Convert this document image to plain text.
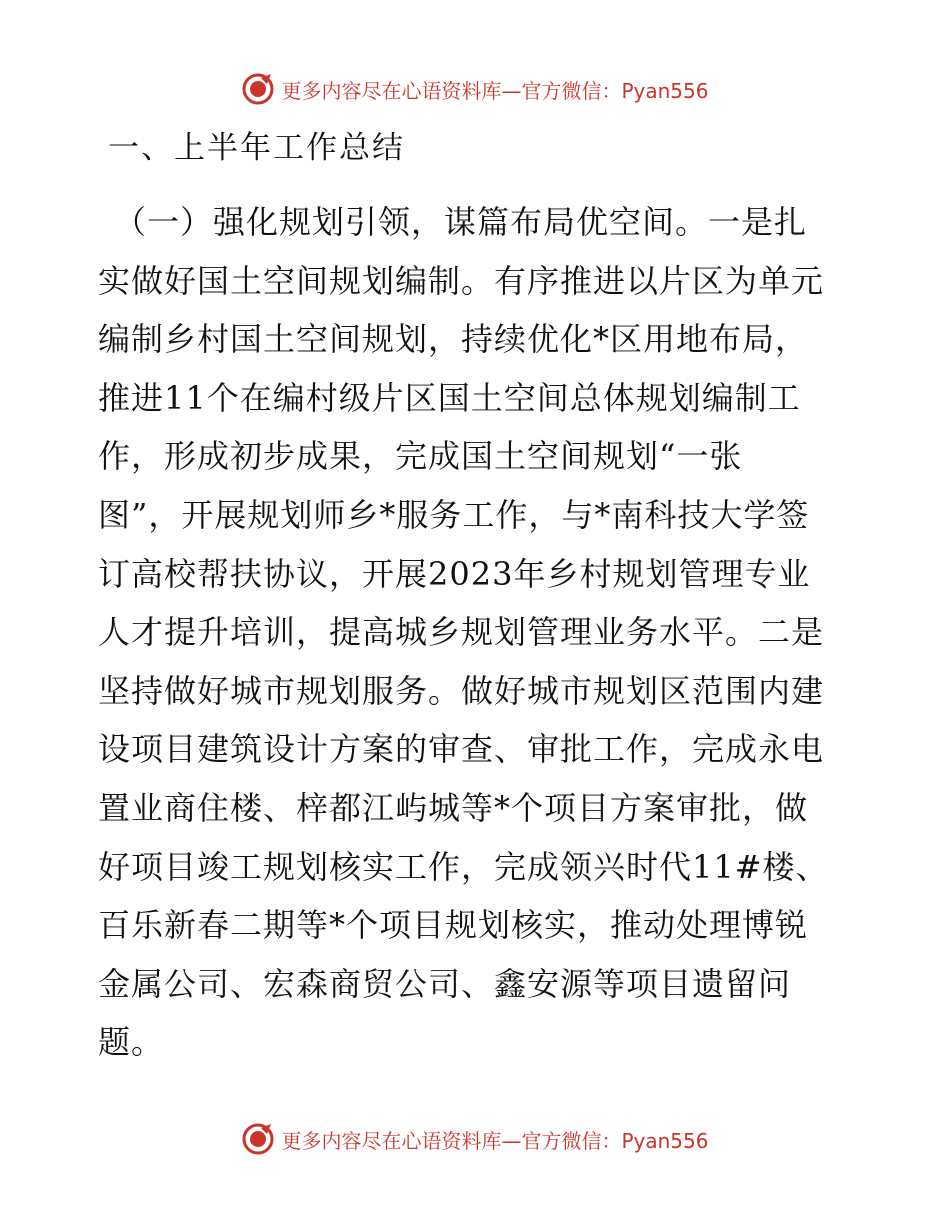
更多内容尽在心语资料库—官方微信：Pyan556
一、上半年工作总结
（一）强化规划引领，谋篇布局优空间。一是扎
实做好国土空间规划编制。有序推进以片区为单元
编制乡村国土空间规划，持续优化*区用地布局，
推进11个在编村级片区国土空间总体规划编制工
作，形成初步成果，完成国土空间规划“一张
图”，开展规划师乡*服务工作，与*南科技大学签
订高校帮扶协议，开展2023年乡村规划管理专业
人才提升培训，提高城乡规划管理业务水平。二是
坚持做好城市规划服务。做好城市规划区范围内建
设项目建筑设计方案的审查、审批工作，完成永电
置业商住楼、梓都江屿城等*个项目方案审批，做
好项目竣工规划核实工作，完成领兴时代11#楼、
百乐新春二期等*个项目规划核实，推动处理博锐
金属公司、宏森商贸公司、鑫安源等项目遗留问
题。
更多内容尽在心语资料库—官方微信：Pyan556
